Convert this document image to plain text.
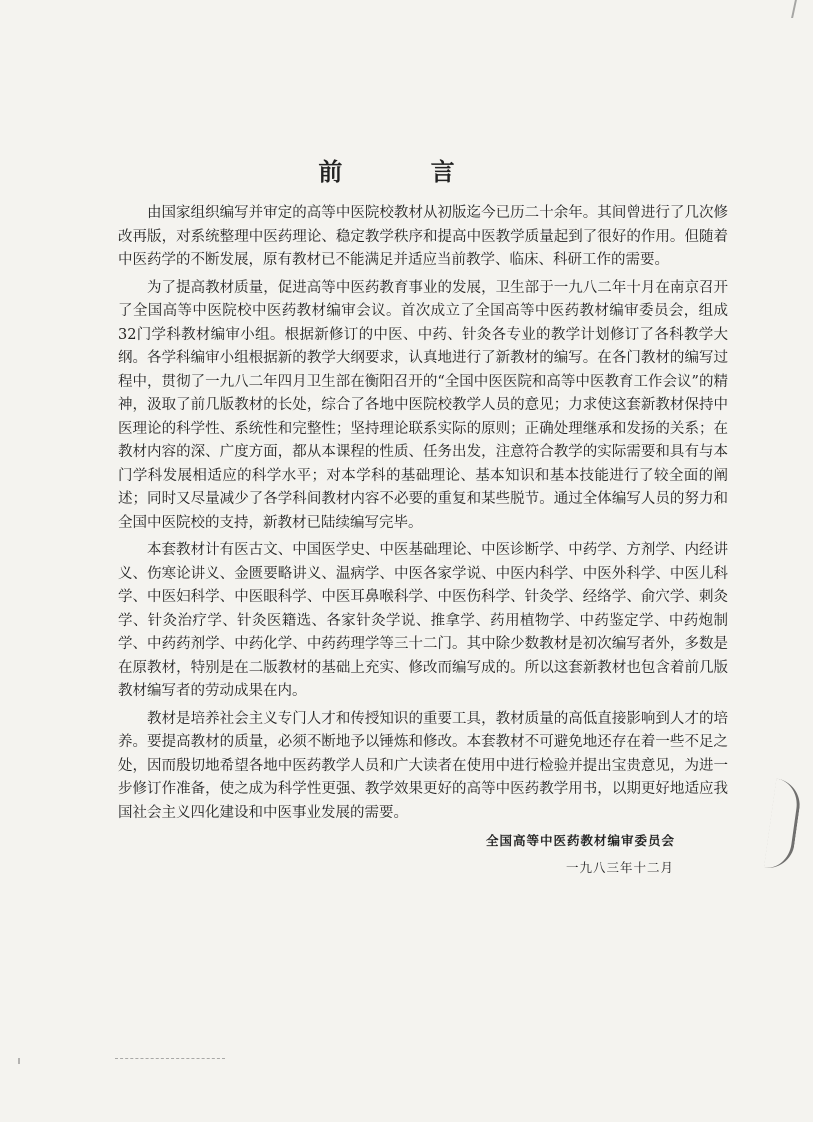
前 言

由国家组织编写并审定的高等中医院校教材从初版迄今已历二十余年。其间曾进行了几次修改再版，对系统整理中医药理论、稳定教学秩序和提高中医教学质量起到了很好的作用。但随着中医药学的不断发展，原有教材已不能满足并适应当前教学、临床、科研工作的需要。

为了提高教材质量，促进高等中医药教育事业的发展，卫生部于一九八二年十月在南京召开了全国高等中医院校中医药教材编审会议。首次成立了全国高等中医药教材编审委员会，组成32门学科教材编审小组。根据新修订的中医、中药、针灸各专业的教学计划修订了各科教学大纲。各学科编审小组根据新的教学大纲要求，认真地进行了新教材的编写。在各门教材的编写过程中，贯彻了一九八二年四月卫生部在衡阳召开的“全国中医医院和高等中医教育工作会议”的精神，汲取了前几版教材的长处，综合了各地中医院校教学人员的意见；力求使这套新教材保持中医理论的科学性、系统性和完整性；坚持理论联系实际的原则；正确处理继承和发扬的关系；在教材内容的深、广度方面，都从本课程的性质、任务出发，注意符合教学的实际需要和具有与本门学科发展相适应的科学水平；对本学科的基础理论、基本知识和基本技能进行了较全面的阐述；同时又尽量减少了各学科间教材内容不必要的重复和某些脱节。通过全体编写人员的努力和全国中医院校的支持，新教材已陆续编写完毕。

本套教材计有医古文、中国医学史、中医基础理论、中医诊断学、中药学、方剂学、内经讲义、伤寒论讲义、金匮要略讲义、温病学、中医各家学说、中医内科学、中医外科学、中医儿科学、中医妇科学、中医眼科学、中医耳鼻喉科学、中医伤科学、针灸学、经络学、俞穴学、刺灸学、针灸治疗学、针灸医籍选、各家针灸学说、推拿学、药用植物学、中药鉴定学、中药炮制学、中药药剂学、中药化学、中药药理学等三十二门。其中除少数教材是初次编写者外，多数是在原教材，特别是在二版教材的基础上充实、修改而编写成的。所以这套新教材也包含着前几版教材编写者的劳动成果在内。

教材是培养社会主义专门人才和传授知识的重要工具，教材质量的高低直接影响到人才的培养。要提高教材的质量，必须不断地予以锤炼和修改。本套教材不可避免地还存在着一些不足之处，因而殷切地希望各地中医药教学人员和广大读者在使用中进行检验并提出宝贵意见，为进一步修订作准备，使之成为科学性更强、教学效果更好的高等中医药教学用书，以期更好地适应我国社会主义四化建设和中医事业发展的需要。

全国高等中医药教材编审委员会
一九八三年十二月
